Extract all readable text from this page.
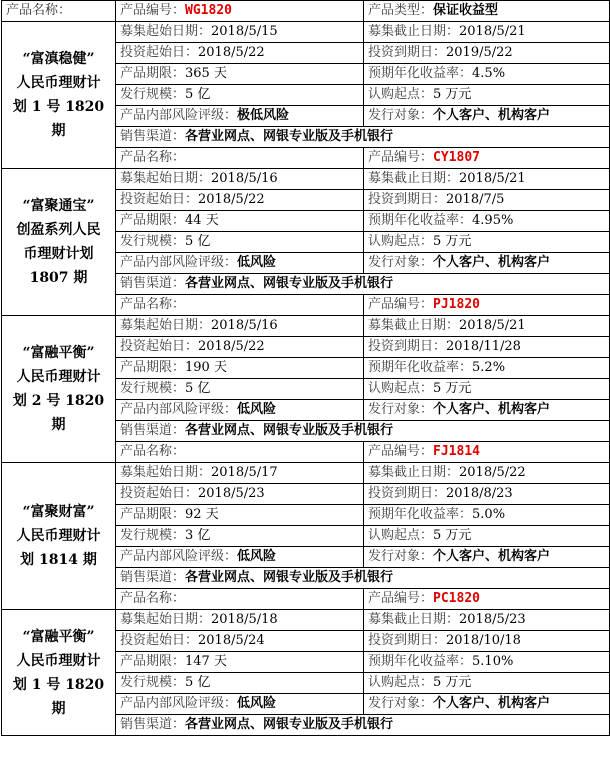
产品名称：	产品编号：WG1820	产品类型：保证收益型	

“富滇稳健”
人民币理财计
划 1 号 1820 期	募集起始日期：2018/5/15	募集截止日期：2018/5/21	
	投资起始日：2018/5/22	投资到期日：2019/5/22	
	产品期限：365 天	预期年化收益率：4.5%	
	发行规模：5 亿	认购起点：5 万元	
	产品内部风险评级：极低风险	发行对象：个人客户、机构客户	
	销售渠道：各营业网点、网银专业版及手机银行		
	产品名称：	产品编号：CY1807	

“富聚通宝”
创盈系列人民
币理财计划
1807 期	募集起始日期：2018/5/16	募集截止日期：2018/5/21	
	投资起始日：2018/5/22	投资到期日：2018/7/5	
	产品期限：44 天	预期年化收益率：4.95%	
	发行规模：5 亿	认购起点：5 万元	
	产品内部风险评级：低风险	发行对象：个人客户、机构客户	
	销售渠道：各营业网点、网银专业版及手机银行		
	产品名称：	产品编号：PJ1820	

“富融平衡”
人民币理财计
划 2 号 1820 期	募集起始日期：2018/5/16	募集截止日期：2018/5/21	
	投资起始日：2018/5/22	投资到期日：2018/11/28	
	产品期限：190 天	预期年化收益率：5.2%	
	发行规模：5 亿	认购起点：5 万元	
	产品内部风险评级：低风险	发行对象：个人客户、机构客户	
	销售渠道：各营业网点、网银专业版及手机银行		
	产品名称：	产品编号：FJ1814	

“富聚财富”
人民币理财计
划 1814 期	募集起始日期：2018/5/17	募集截止日期：2018/5/22	
	投资起始日：2018/5/23	投资到期日：2018/8/23	
	产品期限：92 天	预期年化收益率：5.0%	
	发行规模：3 亿	认购起点：5 万元	
	产品内部风险评级：低风险	发行对象：个人客户、机构客户	
	销售渠道：各营业网点、网银专业版及手机银行		
	产品名称：	产品编号：PC1820	

“富融平衡”
人民币理财计
划 1 号 1820 期	募集起始日期：2018/5/18	募集截止日期：2018/5/23	
	投资起始日：2018/5/24	投资到期日：2018/10/18	
	产品期限：147 天	预期年化收益率：5.10%	
	发行规模：5 亿	认购起点：5 万元	
	产品内部风险评级：低风险	发行对象：个人客户、机构客户	
	销售渠道：各营业网点、网银专业版及手机银行		
